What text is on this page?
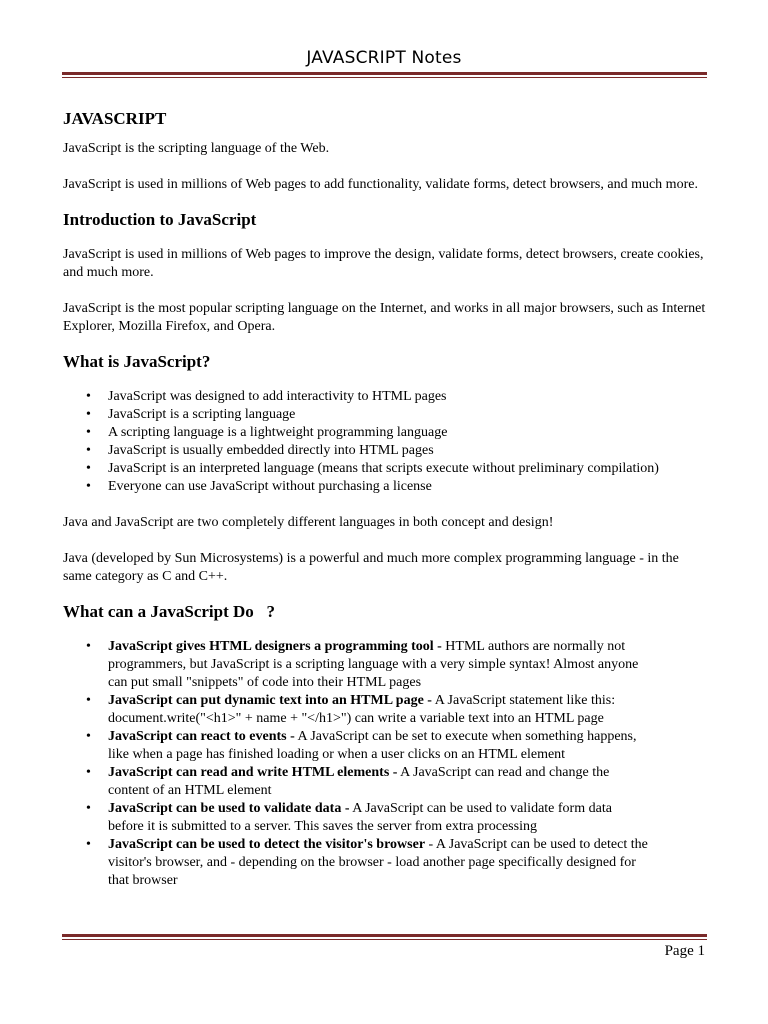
JAVASCRIPT Notes
JAVASCRIPT

JavaScript is the scripting language of the Web.

JavaScript is used in millions of Web pages to add functionality, validate forms, detect browsers, and much more.

Introduction to JavaScript

JavaScript is used in millions of Web pages to improve the design, validate forms, detect browsers, create cookies, and much more.

JavaScript is the most popular scripting language on the Internet, and works in all major browsers, such as Internet Explorer, Mozilla Firefox, and Opera.

What is JavaScript?
• JavaScript was designed to add interactivity to HTML pages
• JavaScript is a scripting language
• A scripting language is a lightweight programming language
• JavaScript is usually embedded directly into HTML pages
• JavaScript is an interpreted language (means that scripts execute without preliminary compilation)
• Everyone can use JavaScript without purchasing a license

Java and JavaScript are two completely different languages in both concept and design!

Java (developed by Sun Microsystems) is a powerful and much more complex programming language - in the same category as C and C++.

What can a JavaScript Do   ?
• JavaScript gives HTML designers a programming tool - HTML authors are normally not programmers, but JavaScript is a scripting language with a very simple syntax! Almost anyone can put small "snippets" of code into their HTML pages
• JavaScript can put dynamic text into an HTML page - A JavaScript statement like this: document.write("<h1>" + name + "</h1>") can write a variable text into an HTML page
• JavaScript can react to events - A JavaScript can be set to execute when something happens, like when a page has finished loading or when a user clicks on an HTML element
• JavaScript can read and write HTML elements - A JavaScript can read and change the content of an HTML element
• JavaScript can be used to validate data - A JavaScript can be used to validate form data before it is submitted to a server. This saves the server from extra processing
• JavaScript can be used to detect the visitor's browser - A JavaScript can be used to detect the visitor's browser, and - depending on the browser - load another page specifically designed for that browser
Page 1
